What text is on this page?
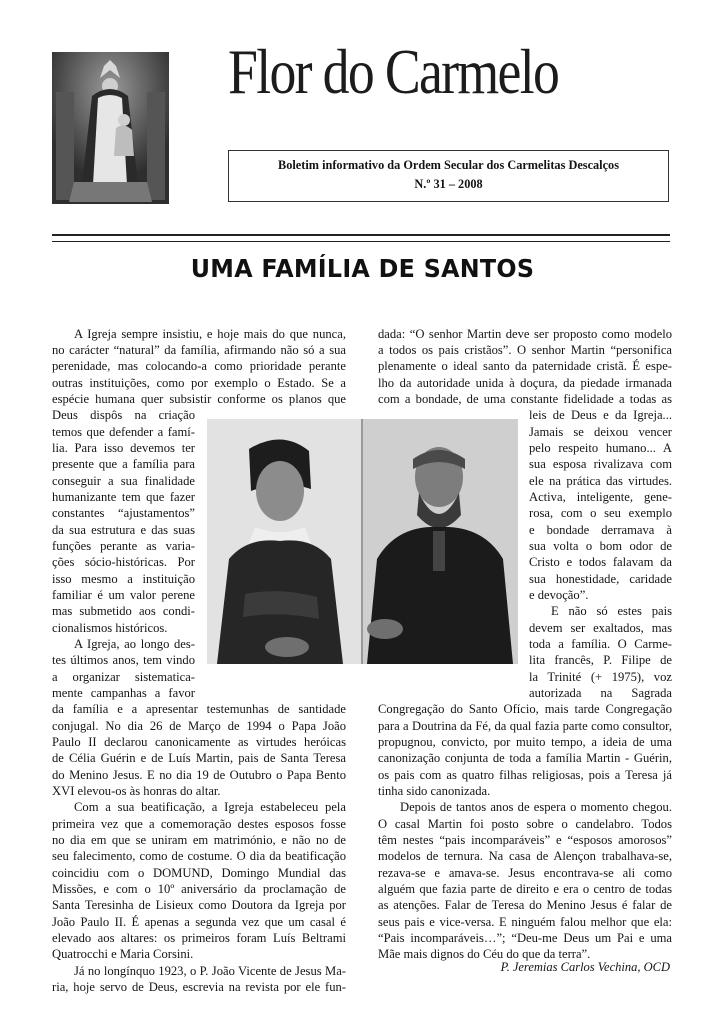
Flor do Carmelo
Boletim informativo da Ordem Secular dos Carmelitas Descalços
N.º 31 – 2008
UMA FAMÍLIA DE SANTOS
A Igreja sempre insistiu, e hoje mais do que nunca,
no carácter “natural” da família, afirmando não só a sua
perenidade, mas colocando-a como prioridade perante
outras instituições, como por exemplo o Estado. Se a
espécie humana quer subsistir conforme os planos que
Deus dispôs na criação
temos que defender a famí-
lia. Para isso devemos ter
presente que a família para
conseguir a sua finalidade
humanizante tem que fazer
constantes “ajustamentos”
da sua estrutura e das suas
funções perante as varia-
ções sócio-históricas. Por
isso mesmo a instituição
familiar é um valor perene
mas submetido aos condi-
cionalismos históricos.
A Igreja, ao longo des-
tes últimos anos, tem vindo
a organizar sistematica-
mente campanhas a favor
da família e a apresentar testemunhas de santidade
conjugal. No dia 26 de Março de 1994 o Papa João
Paulo II declarou canonicamente as virtudes heróicas
de Célia Guérin e de Luís Martin, pais de Santa Teresa
do Menino Jesus. E no dia 19 de Outubro o Papa Bento
XVI elevou-os às honras do altar.
Com a sua beatificação, a Igreja estabeleceu pela
primeira vez que a comemoração destes esposos fosse
no dia em que se uniram em matrimónio, e não no de
seu falecimento, como de costume. O dia da beatificação
coincidiu com o DOMUND, Domingo Mundial das
Missões, e com o 10º aniversário da proclamação de
Santa Teresinha de Lisieux como Doutora da Igreja por
João Paulo II. É apenas a segunda vez que um casal é
elevado aos altares: os primeiros foram Luís Beltrami
Quatrocchi e Maria Corsini.
Já no longínquo 1923, o P. João Vicente de Jesus Ma-
ria, hoje servo de Deus, escrevia na revista por ele fun-
dada: “O senhor Martin deve ser proposto como modelo
a todos os pais cristãos”. O senhor Martin “personifica
plenamente o ideal santo da paternidade cristã. É espe-
lho da autoridade unida à doçura, da piedade irmanada
com a bondade, de uma constante fidelidade a todas as
leis de Deus e da Igreja...
Jamais se deixou vencer
pelo respeito humano... A
sua esposa rivalizava com
ele na prática das virtudes.
Activa, inteligente, gene-
rosa, com o seu exemplo
e bondade derramava à
sua volta o bom odor de
Cristo e todos falavam da
sua honestidade, caridade
e devoção”.
E não só estes pais
devem ser exaltados, mas
toda a família. O Carme-
lita francês, P. Filipe de
la Trinité (+ 1975), voz
autorizada na Sagrada
Congregação do Santo Ofício, mais tarde Congregação
para a Doutrina da Fé, da qual fazia parte como consultor,
propugnou, convicto, por muito tempo, a ideia de uma
canonização conjunta de toda a família Martin - Guérin,
os pais com as quatro filhas religiosas, pois a Teresa já
tinha sido canonizada.
Depois de tantos anos de espera o momento chegou.
O casal Martin foi posto sobre o candelabro. Todos
têm nestes “pais incomparáveis” e “esposos amorosos”
modelos de ternura. Na casa de Alençon trabalhava-se,
rezava-se e amava-se. Jesus encontrava-se ali como
alguém que fazia parte de direito e era o centro de todas
as atenções. Falar de Teresa do Menino Jesus é falar de
seus pais e vice-versa. E ninguém falou melhor que ela:
“Pais incomparáveis…”; “Deu-me Deus um Pai e uma
Mãe mais dignos do Céu do que da terra”.
P. Jeremias Carlos Vechina, OCD
